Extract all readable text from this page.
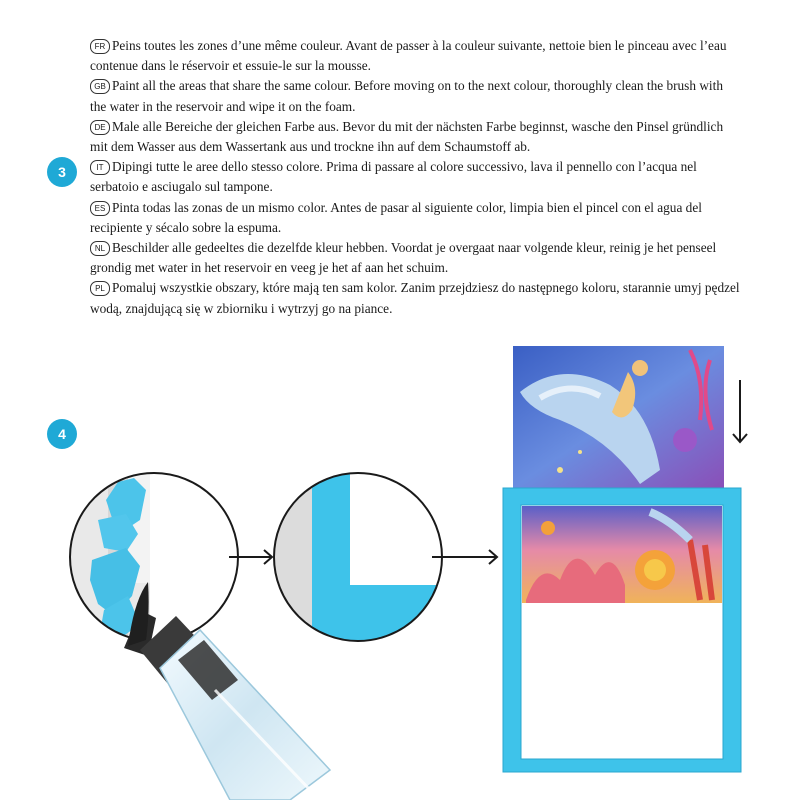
3
4

FR Peins toutes les zones d’une même couleur. Avant de passer à la couleur suivante, nettoie bien le pinceau avec l’eau contenue dans le réservoir et essuie-le sur la mousse.

GB Paint all the areas that share the same colour. Before moving on to the next colour, thoroughly clean the brush with the water in the reservoir and wipe it on the foam.

DE Male alle Bereiche der gleichen Farbe aus. Bevor du mit der nächsten Farbe beginnst, wasche den Pinsel gründlich mit dem Wasser aus dem Wassertank aus und trockne ihn auf dem Schaumstoff ab.

IT Dipingi tutte le aree dello stesso colore. Prima di passare al colore successivo, lava il pennello con l’acqua nel serbatoio e asciugalo sul tampone.

ES Pinta todas las zonas de un mismo color. Antes de pasar al siguiente color, limpia bien el pincel con el agua del recipiente y sécalo sobre la espuma.

NL Beschilder alle gedeeltes die dezelfde kleur hebben. Voordat je overgaat naar volgende kleur, reinig je het penseel grondig met water in het reservoir en veeg je het af aan het schuim.

PL Pomaluj wszystkie obszary, które mają ten sam kolor. Zanim przejdziesz do następnego koloru, starannie umyj pędzel wodą, znajdującą się w zbiorniku i wytrzyj go na piance.
